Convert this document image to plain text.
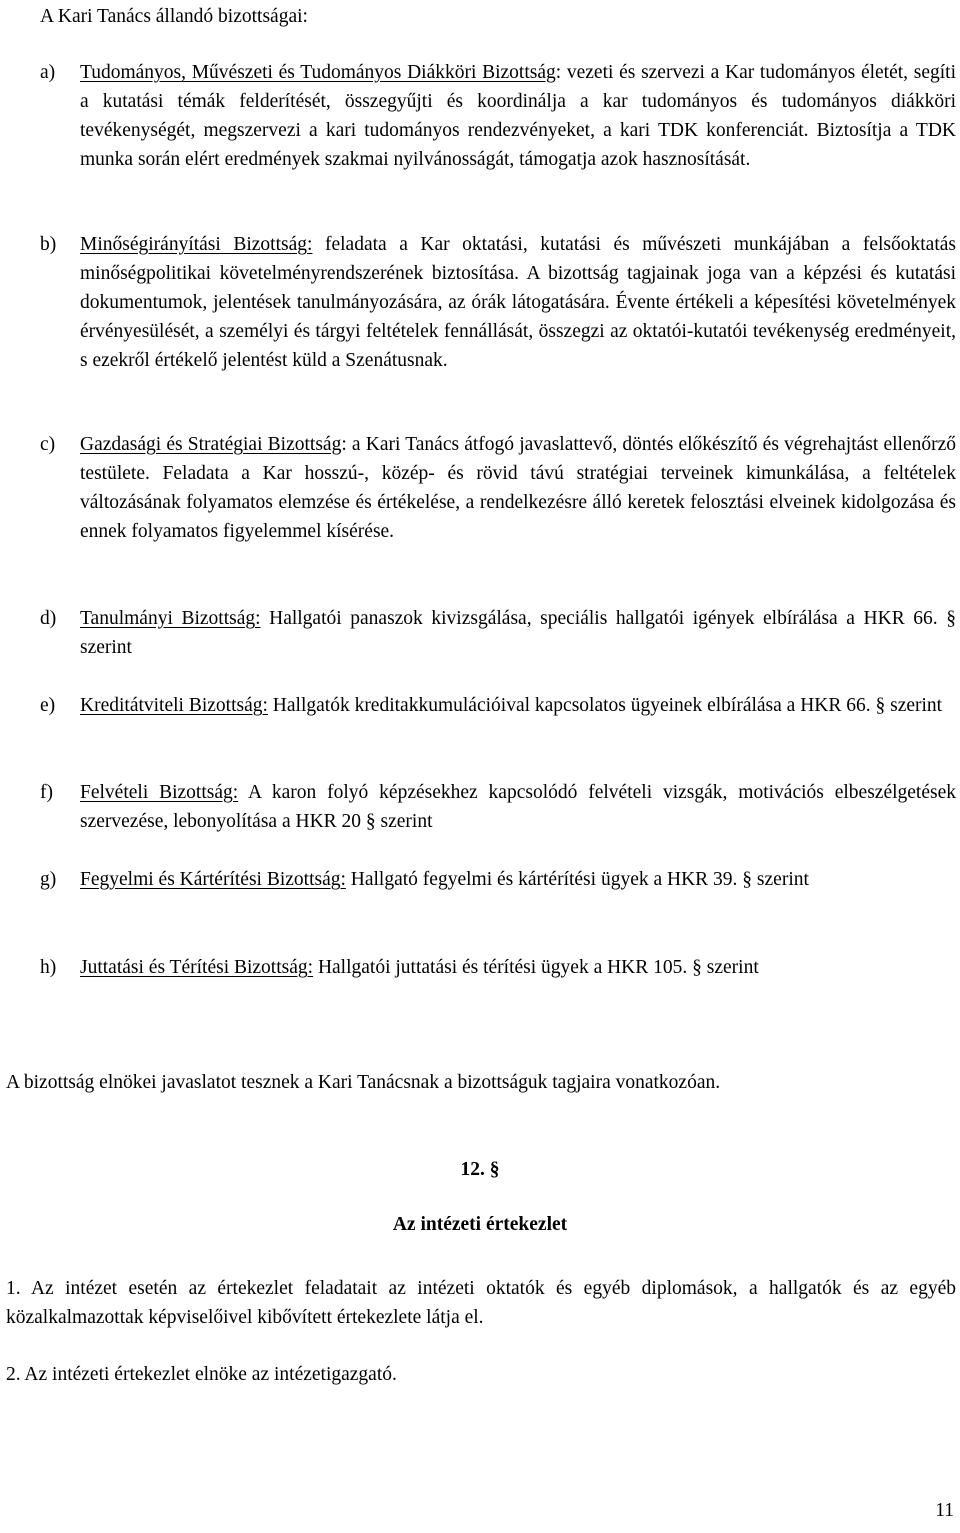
A Kari Tanács állandó bizottságai:
a)	Tudományos, Művészeti és Tudományos Diákköri Bizottság: vezeti és szervezi a Kar tudományos életét, segíti a kutatási témák felderítését, összegyűjti és koordinálja a kar tudományos és tudományos diákköri tevékenységét, megszervezi a kari tudományos rendezvényeket, a kari TDK konferenciát. Biztosítja a TDK munka során elért eredmények szakmai nyilvánosságát, támogatja azok hasznosítását.
b)	Minőségirányítási Bizottság: feladata a Kar oktatási, kutatási és művészeti munkájában a felsőoktatás minőségpolitikai követelményrendszerének biztosítása. A bizottság tagjainak joga van a képzési és kutatási dokumentumok, jelentések tanulmányozására, az órák látogatására. Évente értékeli a képesítési követelmények érvényesülését, a személyi és tárgyi feltételek fennállását, összegzi az oktatói-kutatói tevékenység eredményeit, s ezekről értékelő jelentést küld a Szenátusnak.
c)	Gazdasági és Stratégiai Bizottság: a Kari Tanács átfogó javaslattevő, döntés előkészítő és végrehajtást ellenőrző testülete. Feladata a Kar hosszú-, közép- és rövid távú stratégiai terveinek kimunkálása, a feltételek változásának folyamatos elemzése és értékelése, a rendelkezésre álló keretek felosztási elveinek kidolgozása és ennek folyamatos figyelemmel kísérése.
d)	Tanulmányi Bizottság: Hallgatói panaszok kivizsgálása, speciális hallgatói igények elbírálása a HKR 66. § szerint
e)	Kreditátviteli Bizottság: Hallgatók kreditakkumulációival kapcsolatos ügyeinek elbírálása a HKR 66. § szerint
f)	Felvételi Bizottság: A karon folyó képzésekhez kapcsolódó felvételi vizsgák, motivációs elbeszélgetések szervezése, lebonyolítása a HKR 20 § szerint
g)	Fegyelmi és Kártérítési Bizottság: Hallgató fegyelmi és kártérítési ügyek a HKR 39. § szerint
h)	Juttatási és Térítési Bizottság: Hallgatói juttatási és térítési ügyek a HKR 105. § szerint
A bizottság elnökei javaslatot tesznek a Kari Tanácsnak a bizottságuk tagjaira vonatkozóan.
12. §
Az intézeti értekezlet
1. Az intézet esetén az értekezlet feladatait az intézeti oktatók és egyéb diplomások, a hallgatók és az egyéb közalkalmazottak képviselőivel kibővített értekezlete látja el.
2. Az intézeti értekezlet elnöke az intézetigazgató.
11
